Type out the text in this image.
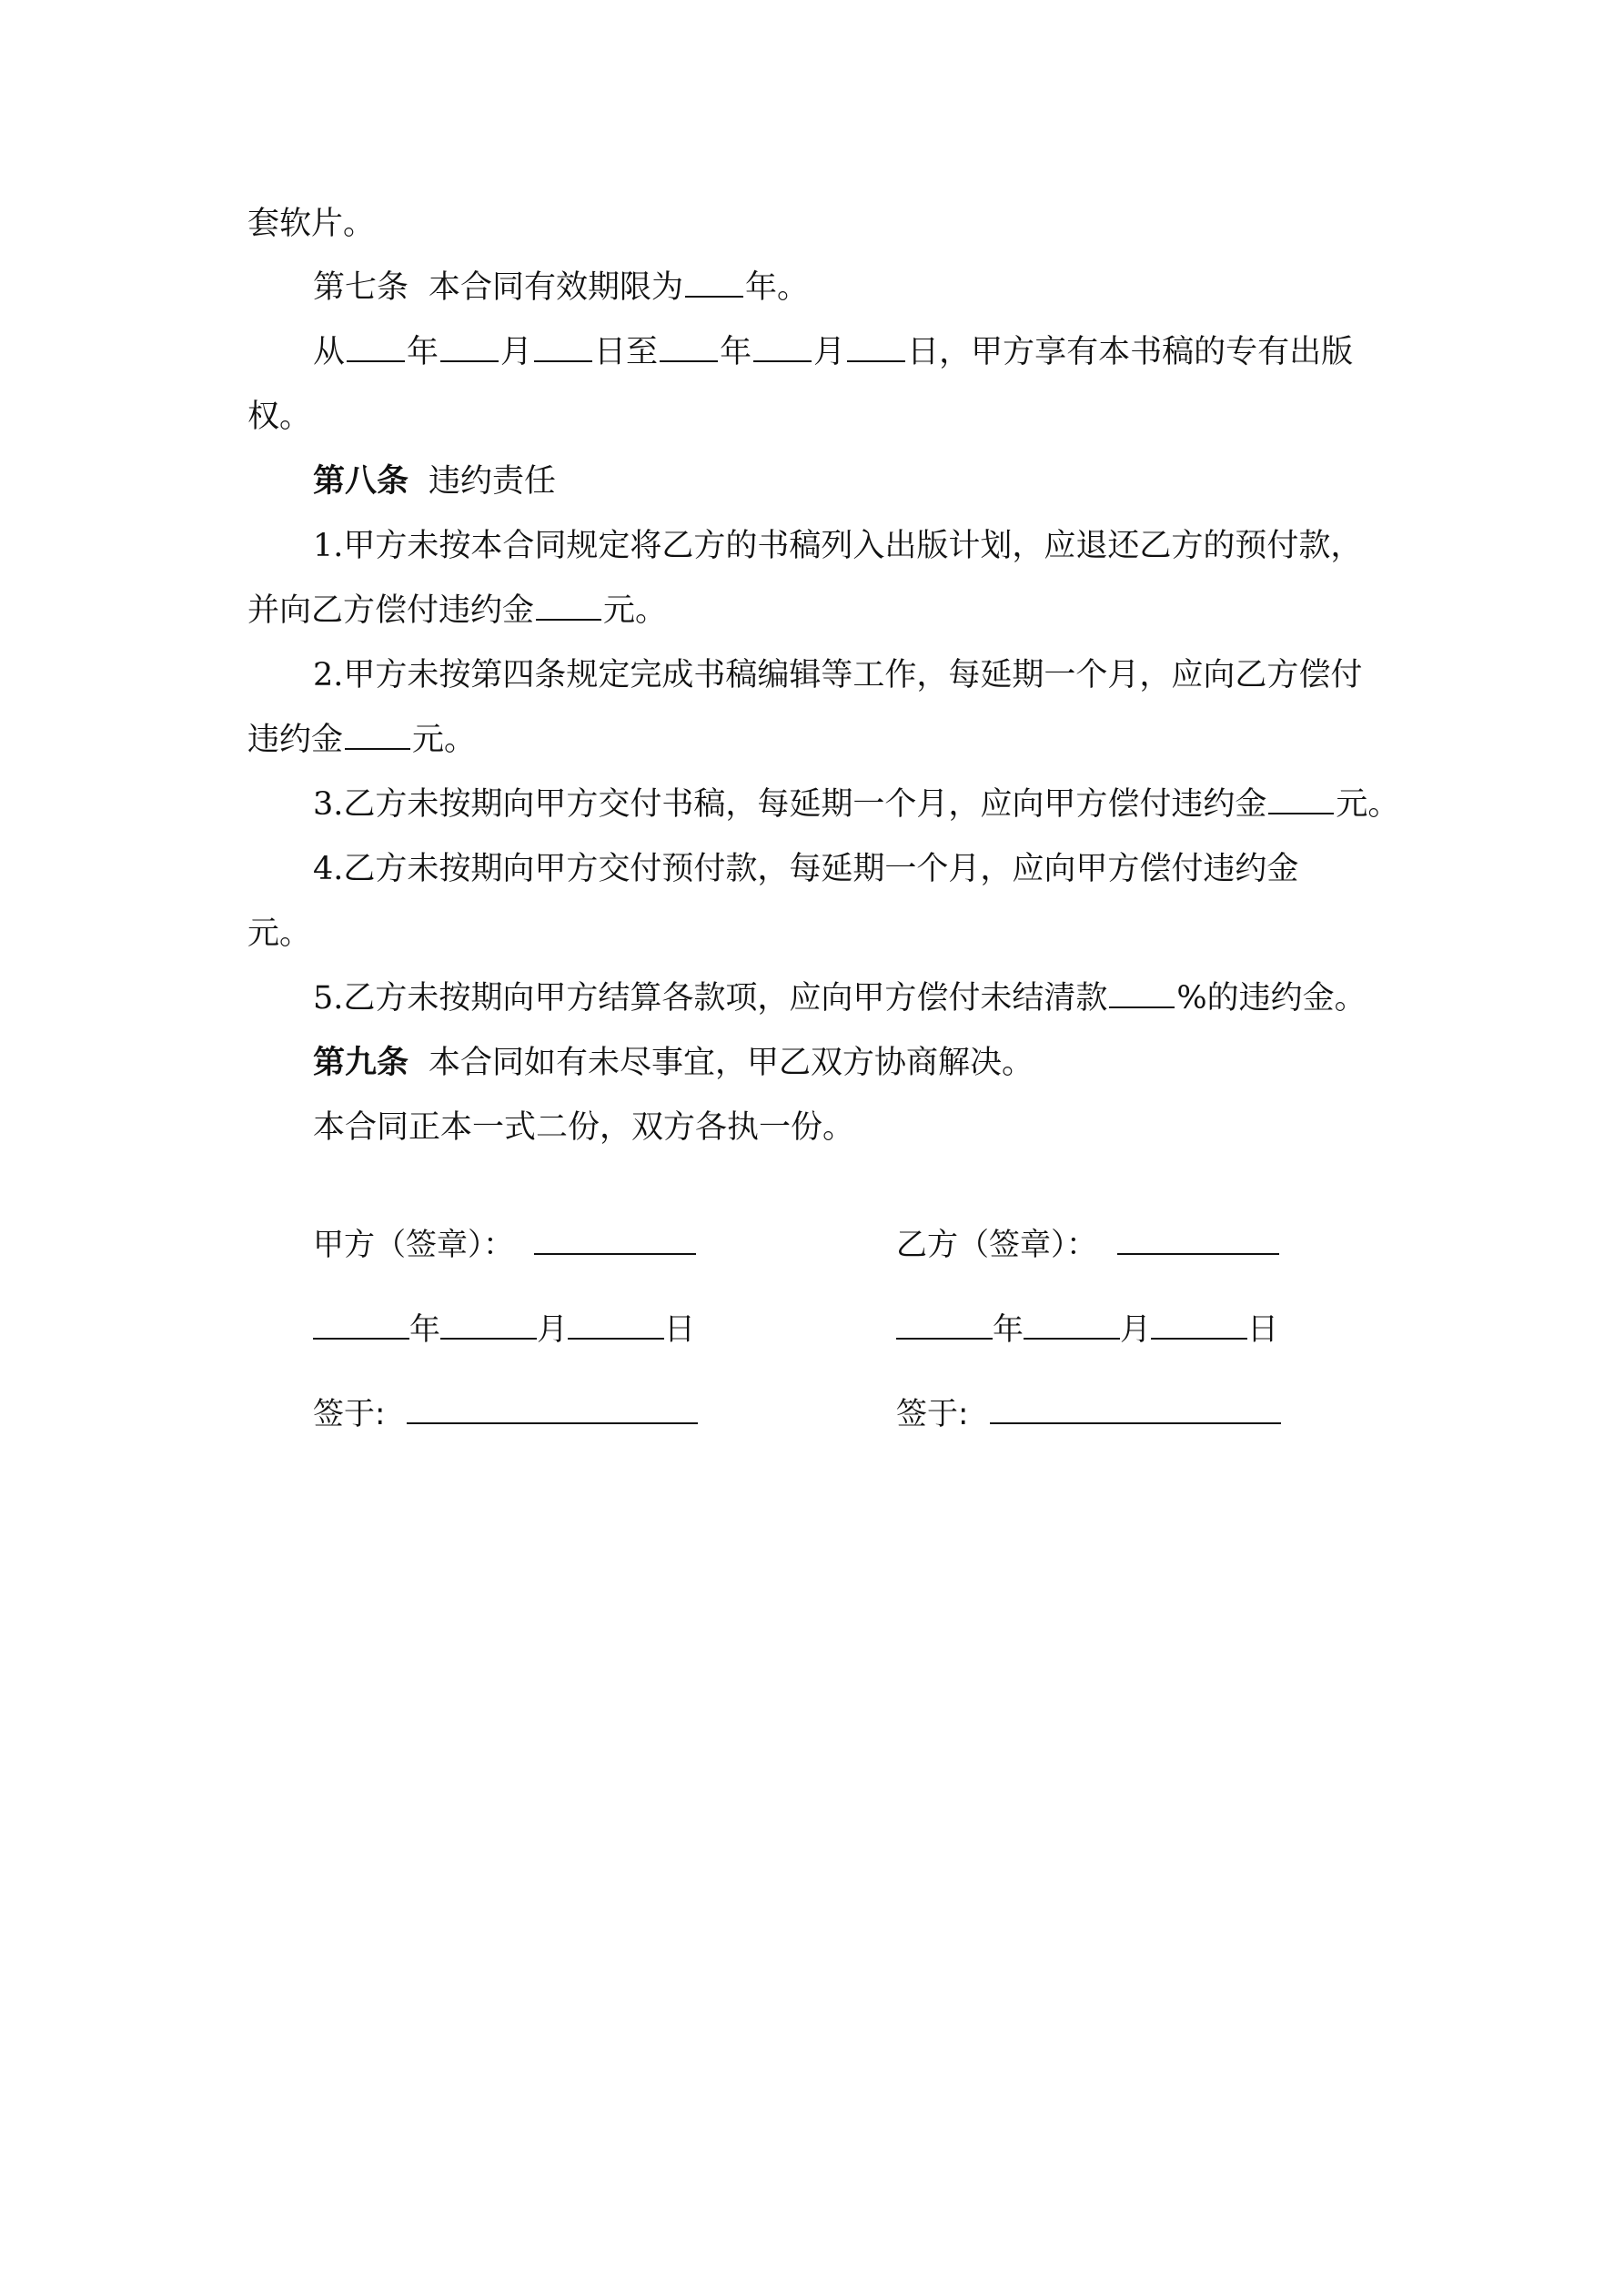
套软片。
第七条 本合同有效期限为 年。
从 年 月 日至 年 月 日，甲方享有本书稿的专有出版
权。
第八条 违约责任
1.甲方未按本合同规定将乙方的书稿列入出版计划，应退还乙方的预付款，
并向乙方偿付违约金 元。
2.甲方未按第四条规定完成书稿编辑等工作，每延期一个月，应向乙方偿付
违约金 元。
3.乙方未按期向甲方交付书稿，每延期一个月，应向甲方偿付违约金 元。
4.乙方未按期向甲方交付预付款，每延期一个月，应向甲方偿付违约金
元。
5.乙方未按期向甲方结算各款项，应向甲方偿付未结清款 %的违约金。
第九条 本合同如有未尽事宜，甲乙双方协商解决。
本合同正本一式二份，双方各执一份。
甲方（签章）：
年	月	日
签于:
乙方（签章）：
年	月	日
签于:
